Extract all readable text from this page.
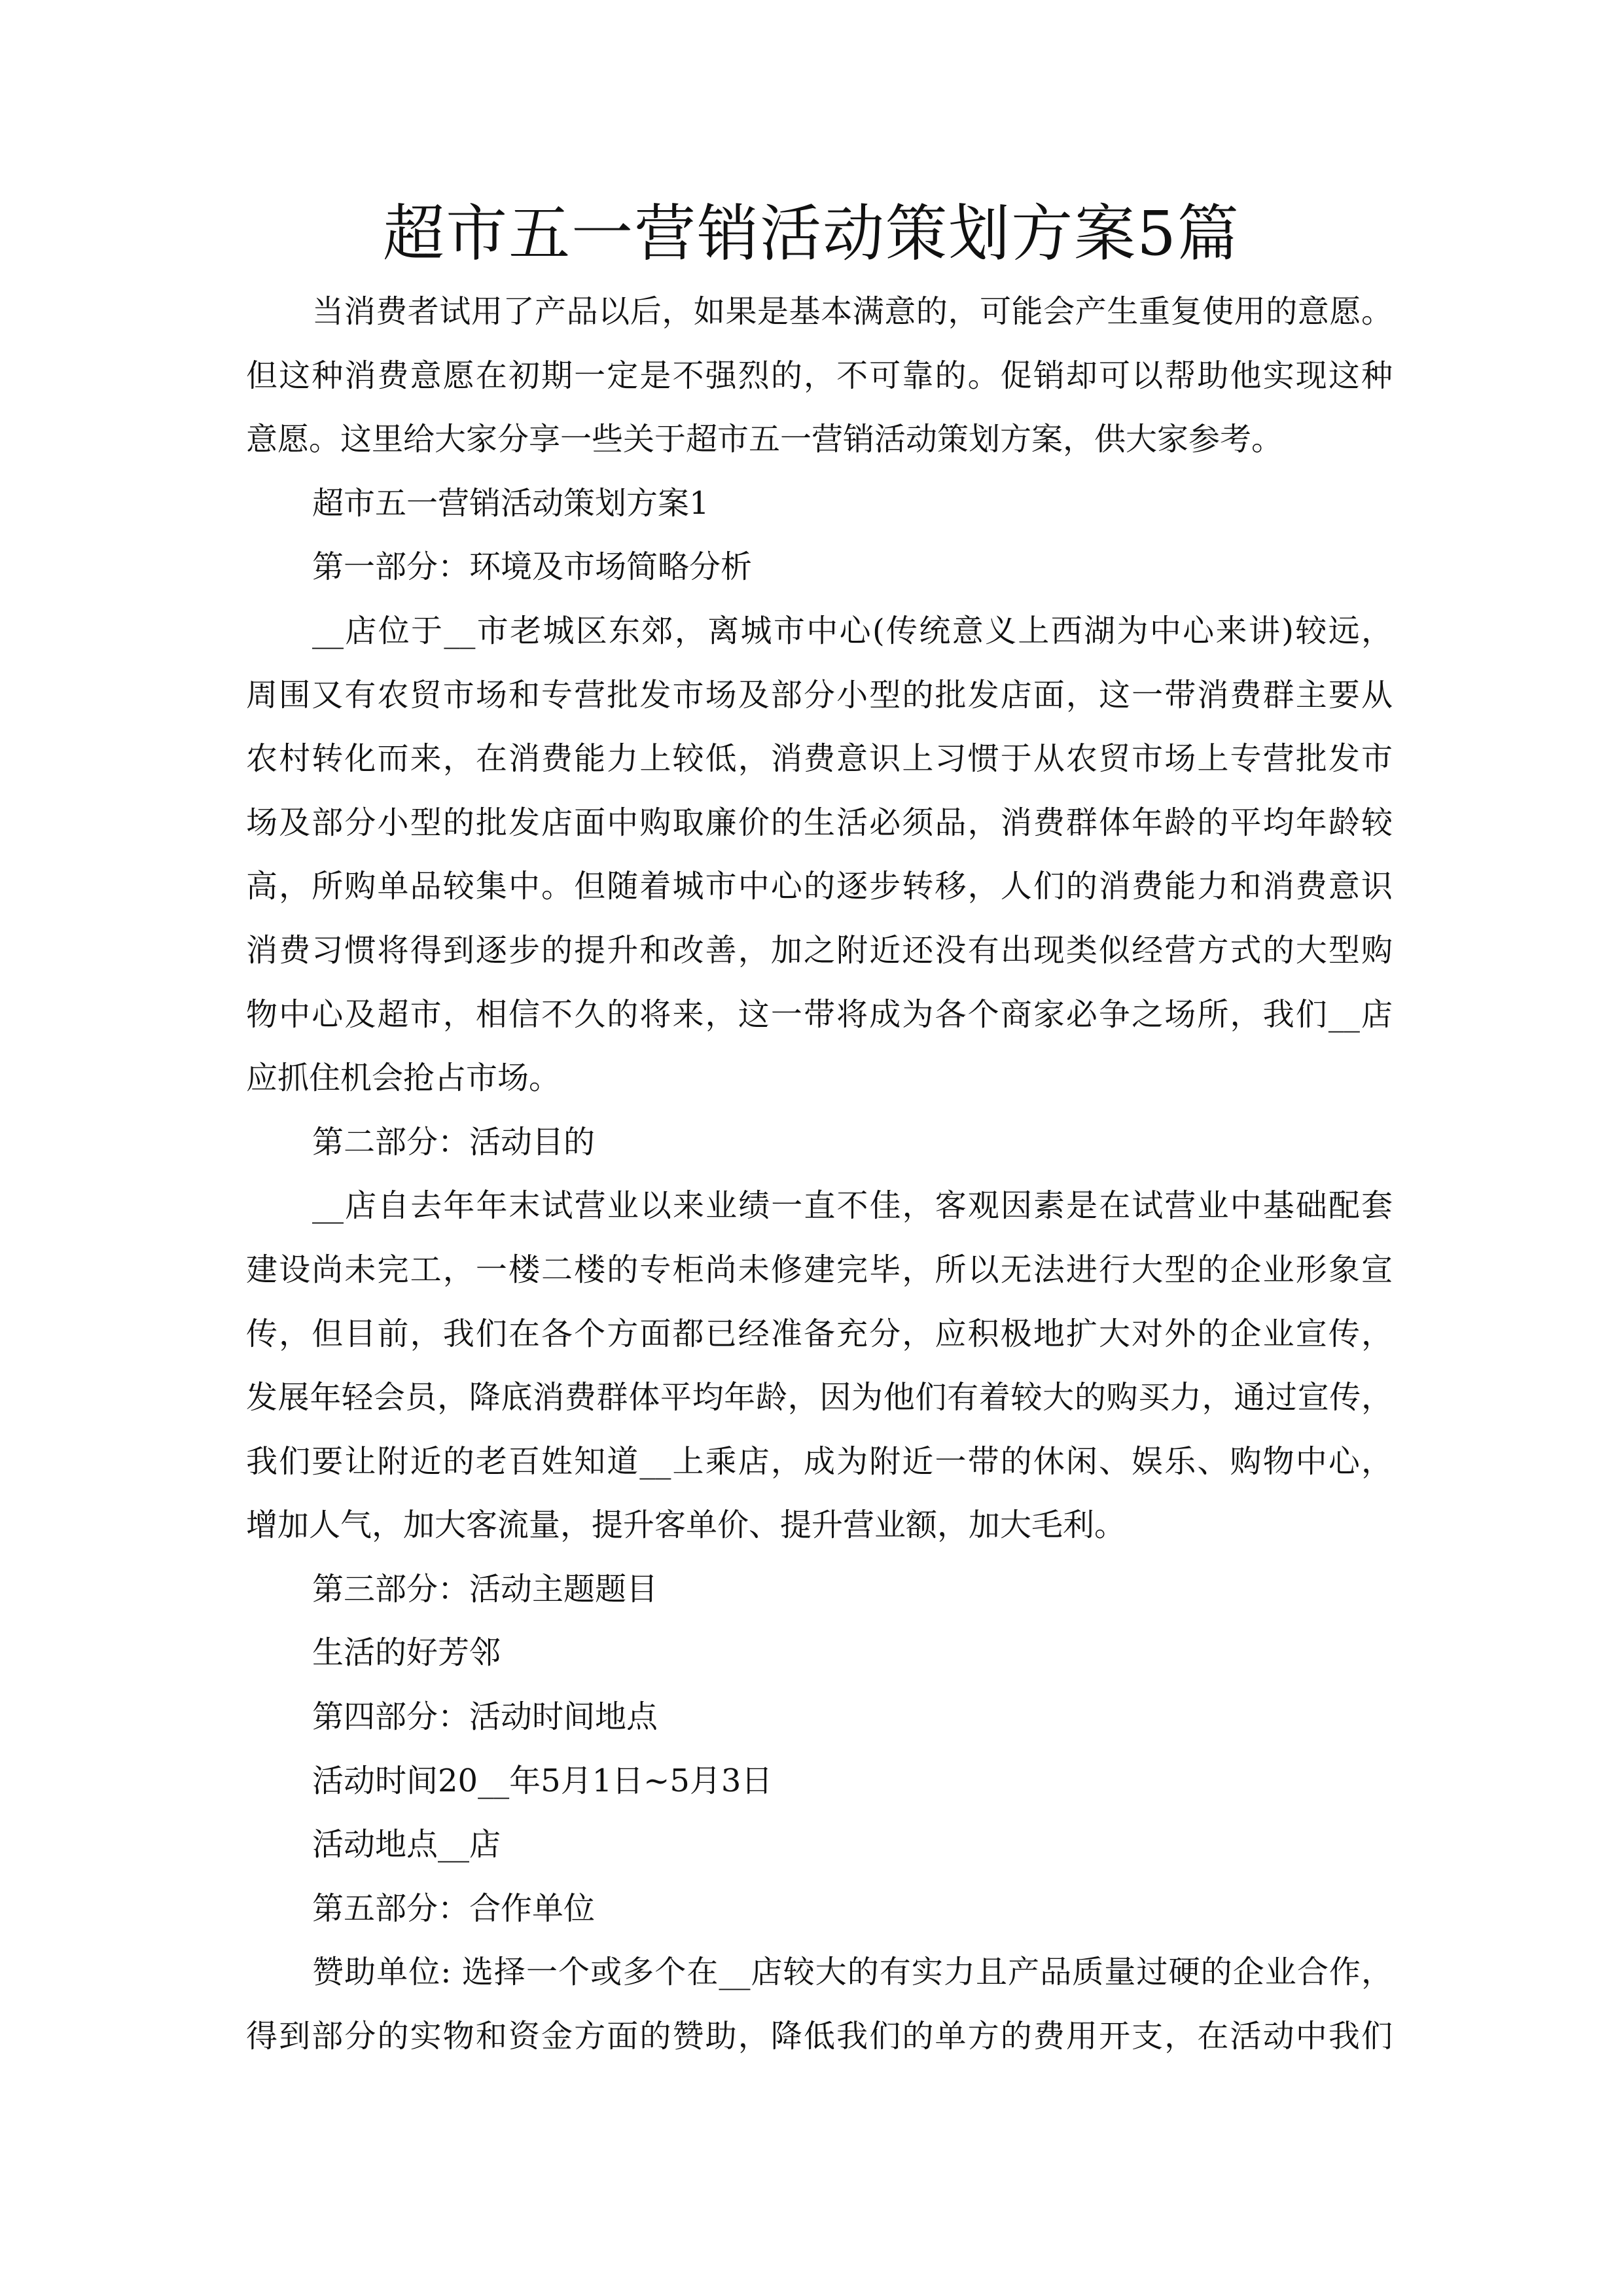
超市五一营销活动策划方案5篇
当消费者试用了产品以后，如果是基本满意的，可能会产生重复使用的意愿。
但这种消费意愿在初期一定是不强烈的，不可靠的。促销却可以帮助他实现这种
意愿。这里给大家分享一些关于超市五一营销活动策划方案，供大家参考。
超市五一营销活动策划方案1
第一部分：环境及市场简略分析
__店位于__市老城区东郊，离城市中心(传统意义上西湖为中心来讲)较远，
周围又有农贸市场和专营批发市场及部分小型的批发店面，这一带消费群主要从
农村转化而来，在消费能力上较低，消费意识上习惯于从农贸市场上专营批发市
场及部分小型的批发店面中购取廉价的生活必须品，消费群体年龄的平均年龄较
高，所购单品较集中。但随着城市中心的逐步转移，人们的消费能力和消费意识
消费习惯将得到逐步的提升和改善，加之附近还没有出现类似经营方式的大型购
物中心及超市，相信不久的将来，这一带将成为各个商家必争之场所，我们__店
应抓住机会抢占市场。
第二部分：活动目的
__店自去年年末试营业以来业绩一直不佳，客观因素是在试营业中基础配套
建设尚未完工，一楼二楼的专柜尚未修建完毕，所以无法进行大型的企业形象宣
传，但目前，我们在各个方面都已经准备充分，应积极地扩大对外的企业宣传，
发展年轻会员，降底消费群体平均年龄，因为他们有着较大的购买力，通过宣传，
我们要让附近的老百姓知道__上乘店，成为附近一带的休闲、娱乐、购物中心，
增加人气，加大客流量，提升客单价、提升营业额，加大毛利。
第三部分：活动主题题目
生活的好芳邻
第四部分：活动时间地点
活动时间20__年5月1日~5月3日
活动地点__店
第五部分：合作单位
赞助单位: 选择一个或多个在__店较大的有实力且产品质量过硬的企业合作，
得到部分的实物和资金方面的赞助，降低我们的单方的费用开支，在活动中我们
